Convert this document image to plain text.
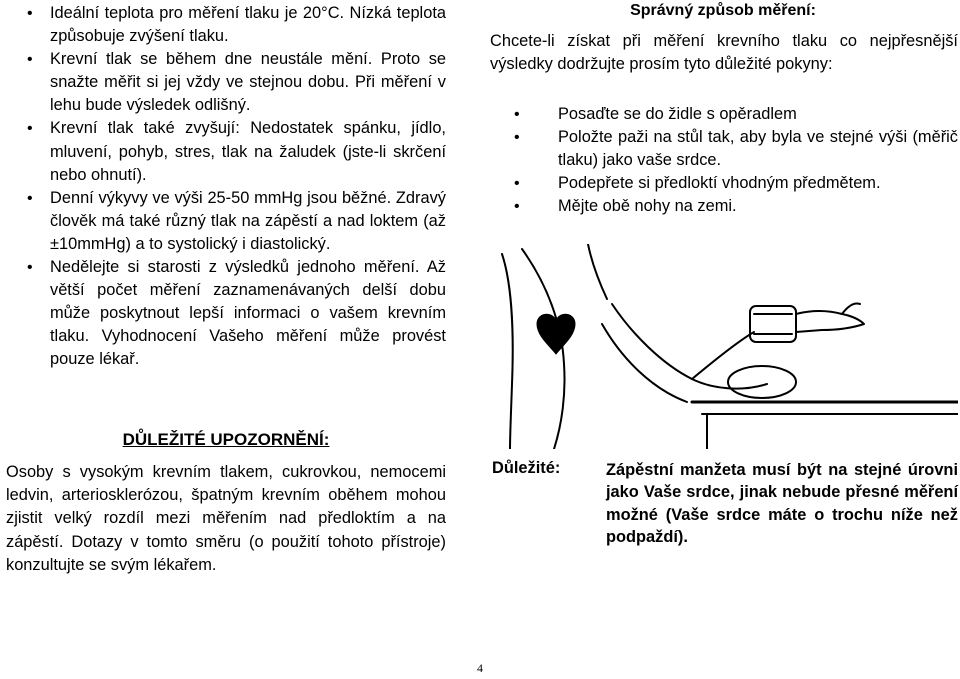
• Ideální teplota pro měření tlaku je 20°C. Nízká teplota způsobuje zvýšení tlaku.
• Krevní tlak se během dne neustále mění. Proto se snažte měřit si jej vždy ve stejnou dobu. Při měření v lehu bude výsledek odlišný.
• Krevní tlak také zvyšují: Nedostatek spánku, jídlo, mluvení, pohyb, stres, tlak na žaludek (jste-li skrčení nebo ohnutí).
• Denní výkyvy ve výši 25-50 mmHg jsou běžné. Zdravý člověk má také různý tlak na zápěstí a nad loktem (až ±10mmHg) a to systolický i diastolický.
• Nedělejte si starosti z výsledků jednoho měření. Až větší počet měření zaznamenávaných delší dobu může poskytnout lepší informaci o vašem krevním tlaku. Vyhodnocení Vašeho měření může provést pouze lékař.
DŮLEŽITÉ UPOZORNĚNÍ:
Osoby s vysokým krevním tlakem, cukrovkou, nemocemi ledvin, arteriosklerózou, špatným krevním oběhem mohou zjistit velký rozdíl mezi měřením nad předloktím a na zápěstí. Dotazy v tomto směru (o použití tohoto přístroje) konzultujte se svým lékařem.
Správný způsob měření:
Chcete-li získat při měření krevního tlaku co nejpřesnější výsledky dodržujte prosím tyto důležité pokyny:
• Posaďte se do židle s opěradlem
• Položte paži na stůl tak, aby byla ve stejné výši (měřič tlaku) jako vaše srdce.
• Podepřete si předloktí vhodným předmětem.
• Mějte obě nohy na zemi.
Důležité:	Zápěstní manžeta musí být na stejné úrovni jako Vaše srdce, jinak nebude přesné měření možné (Vaše srdce máte o trochu níže než podpaždí).
4
